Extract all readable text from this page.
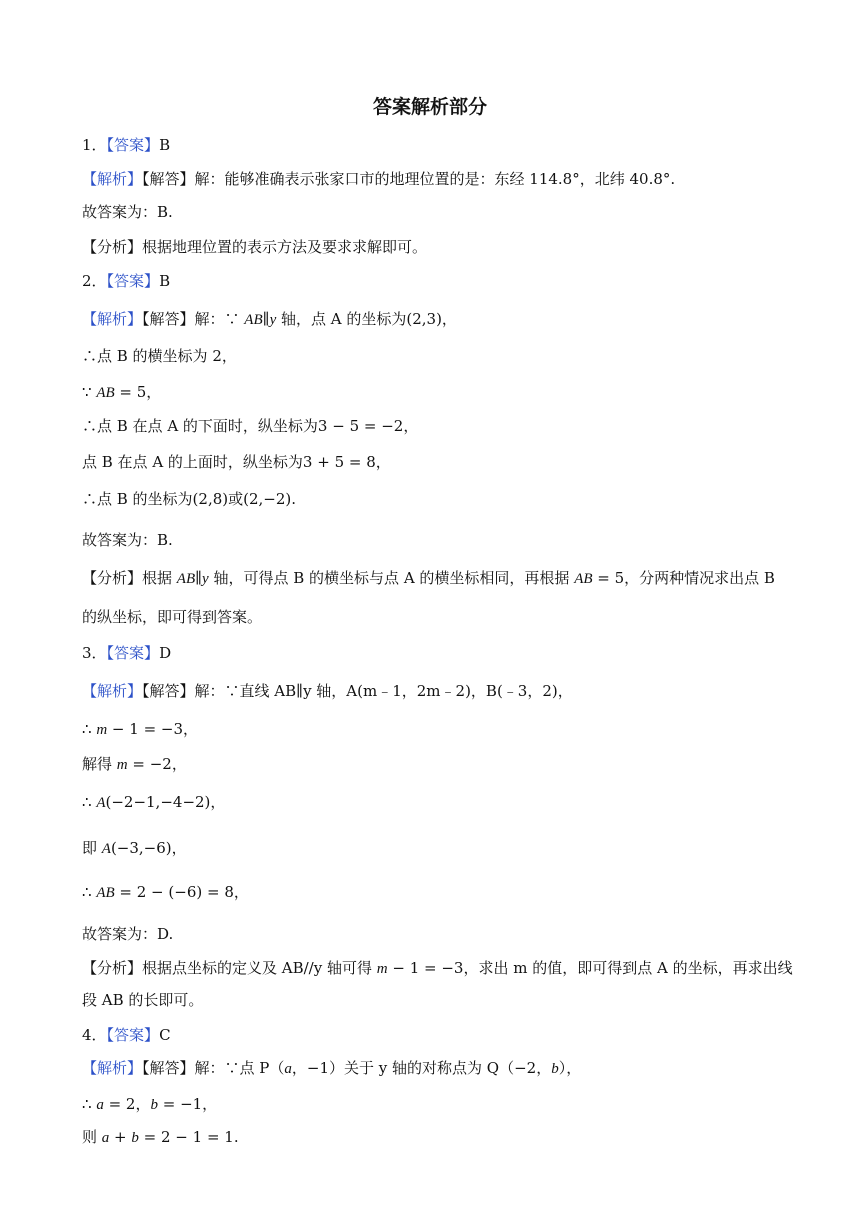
答案解析部分
1．【答案】B
【解析】【解答】解：能够准确表示张家口市的地理位置的是：东经 114.8°，北纬 40.8°.
故答案为：B.
【分析】根据地理位置的表示方法及要求求解即可。
2．【答案】B
【解析】【解答】解：∵ AB∥y 轴，点 A 的坐标为(2,3)，
∴点 B 的横坐标为 2，
∵ AB = 5，
∴点 B 在点 A 的下面时，纵坐标为3 − 5 = −2，
点 B 在点 A 的上面时，纵坐标为3 + 5 = 8，
∴点 B 的坐标为(2,8)或(2,−2).
故答案为：B.
【分析】根据 AB∥y 轴，可得点 B 的横坐标与点 A 的横坐标相同，再根据 AB = 5，分两种情况求出点 B
的纵坐标，即可得到答案。
3．【答案】D
【解析】【解答】解：∵直线 AB∥y 轴，A(m﹣1，2m﹣2)，B(﹣3，2)，
∴ m − 1 = −3，
解得 m = −2，
∴ A(−2−1,−4−2)，
即 A(−3,−6)，
∴ AB = 2 − (−6) = 8，
故答案为：D.
【分析】根据点坐标的定义及 AB//y 轴可得 m − 1 = −3，求出 m 的值，即可得到点 A 的坐标，再求出线
段 AB 的长即可。
4．【答案】C
【解析】【解答】解：∵点 P（a，−1）关于 y 轴的对称点为 Q（−2，b），
∴ a = 2，b = −1，
则 a + b = 2 − 1 = 1.
